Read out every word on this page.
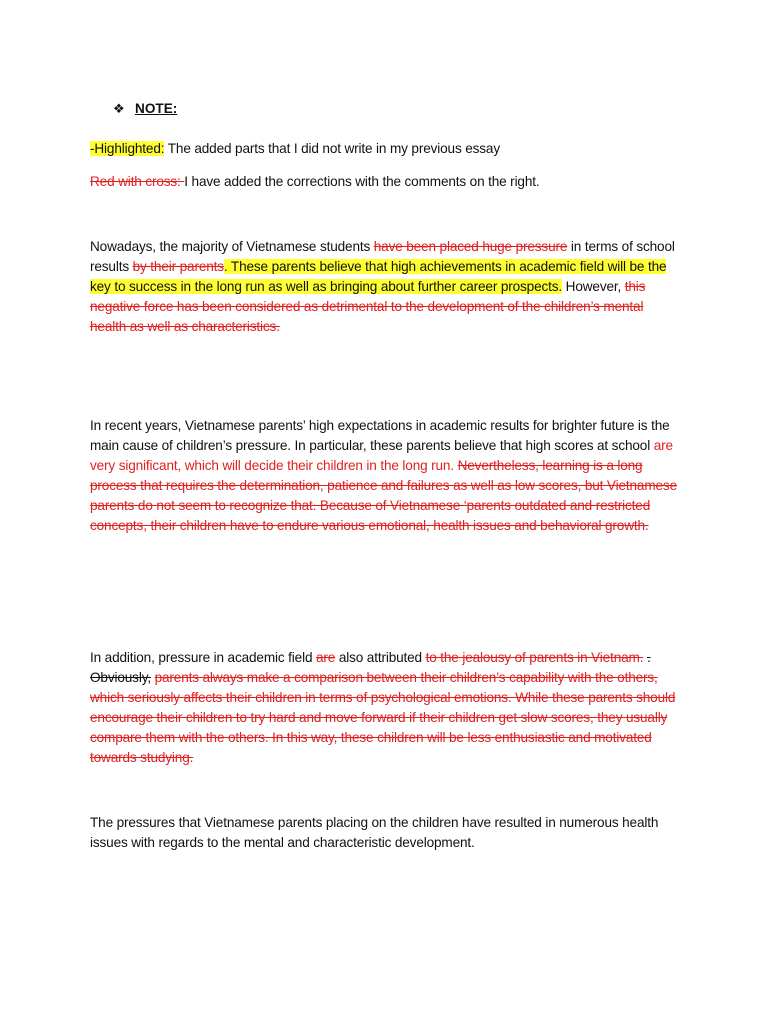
❖ NOTE:
-Highlighted: The added parts that I did not write in my previous essay
Red with cross: I have added the corrections with the comments on the right.
Nowadays, the majority of Vietnamese students have been placed huge pressure in terms of school results by their parents. These parents believe that high achievements in academic field will be the key to success in the long run as well as bringing about further career prospects. However, this negative force has been considered as detrimental to the development of the children’s mental health as well as characteristics.
In recent years, Vietnamese parents’ high expectations in academic results for brighter future is the main cause of children’s pressure. In particular, these parents believe that high scores at school are very significant, which will decide their children in the long run. Nevertheless, learning is a long process that requires the determination, patience and failures as well as low scores, but Vietnamese parents do not seem to recognize that. Because of Vietnamese ‘parents outdated and restricted concepts, their children have to endure various emotional, health issues and behavioral growth.
In addition, pressure in academic field are also attributed to the jealousy of parents in Vietnam. . Obviously, parents always make a comparison between their children’s capability with the others, which seriously affects their children in terms of psychological emotions. While these parents should encourage their children to try hard and move forward if their children get slow scores, they usually compare them with the others. In this way, these children will be less enthusiastic and motivated towards studying.
The pressures that Vietnamese parents placing on the children have resulted in numerous health issues with regards to the mental and characteristic development.
